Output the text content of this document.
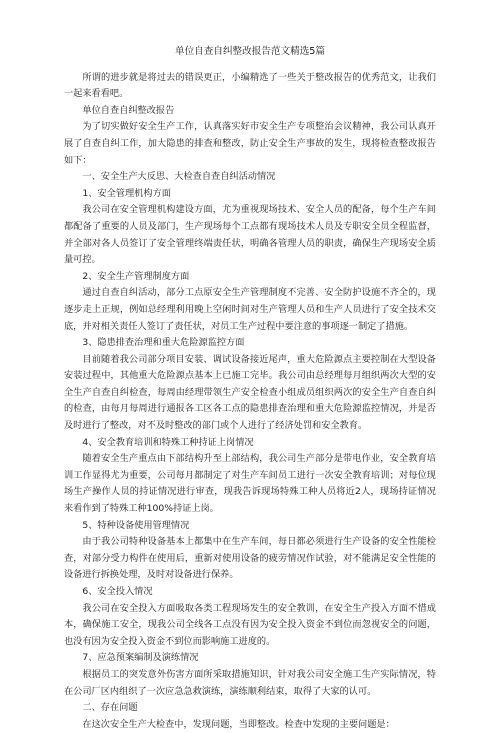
单位自查自纠整改报告范文精选5篇

所谓的进步就是将过去的错误更正，小编精选了一些关于整改报告的优秀范文，让我们一起来看看吧。

单位自查自纠整改报告

为了切实做好安全生产工作，认真落实好市安全生产专项整治会议精神，我公司认真开展了自查自纠工作，加大隐患的排查和整改，防止安全生产事故的发生，现将检查整改报告如下：

一、安全生产大反思、大检查自查自纠活动情况

1、安全管理机构方面

我公司在安全管理机构建设方面，尤为重视现场技术、安全人员的配备，每个生产车间都配备了重要的人员及部门，生产现场每个工点都有现场技术人员及专职安全员全程监督，并全部对各人员签订了安全管理终端责任状，明确各管理人员的职责，确保生产现场安全质量可控。

2、安全生产管理制度方面

通过自查自纠活动，部分工点原安全生产管理制度不完善、安全防护设施不齐全的，现逐步走上正规，例如总经理利用晚上空闲时间对生产管理人员和生产人员进行了安全技术交底，并对相关责任人签订了责任状，对员工生产过程中要注意的事项逐一制定了措施。

3、隐患排查治理和重大危险源监控方面

目前随着我公司部分项目安装、调试设备接近尾声，重大危险源点主要控制在大型设备安装过程中，其他重大危险源点基本上已施工完毕。我公司由总经理每月组织两次大型的安全生产自查自纠检查，每周由经理带领生产安全检查小组成员组织两次的安全生产自查自纠的检查，由每月每周进行通报各工区各工点的隐患排查治理和重大危险源监控情况，并是否及时进行了整改，对不及时整改的部门或个人进行了经济处罚和安全教育。

4、安全教育培训和特殊工种持证上岗情况

随着安全生产重点由下部结构升至上部结构，我公司生产部分是带电作业，安全教育培训工作显得尤为重要，公司每月都制定了对生产车间员工进行一次安全教育培训；对每位现场生产操作人员的持证情况进行审查，现我告诉现场特殊工种人员将近2人，现场持证情况来看作到了特殊工种100%持证上岗。

5、特种设备使用管理情况

由于我公司特种设备基本上都集中在生产车间，每日都必须进行生产设备的安全性能检查，对部分受力构件在使用后，重新对使用设备的疲劳情况作试验，对不能满足安全性能的设备进行拆换处理，及时对设备进行保养。

6、安全投入情况

我公司在安全投入方面吸取各类工程现场发生的安全教训，在安全生产投入方面不惜成本，确保施工安全，现我公司全线各工点没有因为安全投入资金不到位而忽视安全的问题，也没有因为安全投入资金不到位而影响施工进度的。

7、应急预案编制及演练情况

根据员工的突发意外伤害方面所采取措施知识，针对我公司安全施工生产实际情况，特在公司厂区内组织了一次应急急救演练，演练顺利结束，取得了大家的认可。

二、存在问题

在这次安全生产大检查中，发现问题，当即整改。检查中发现的主要问题是：
